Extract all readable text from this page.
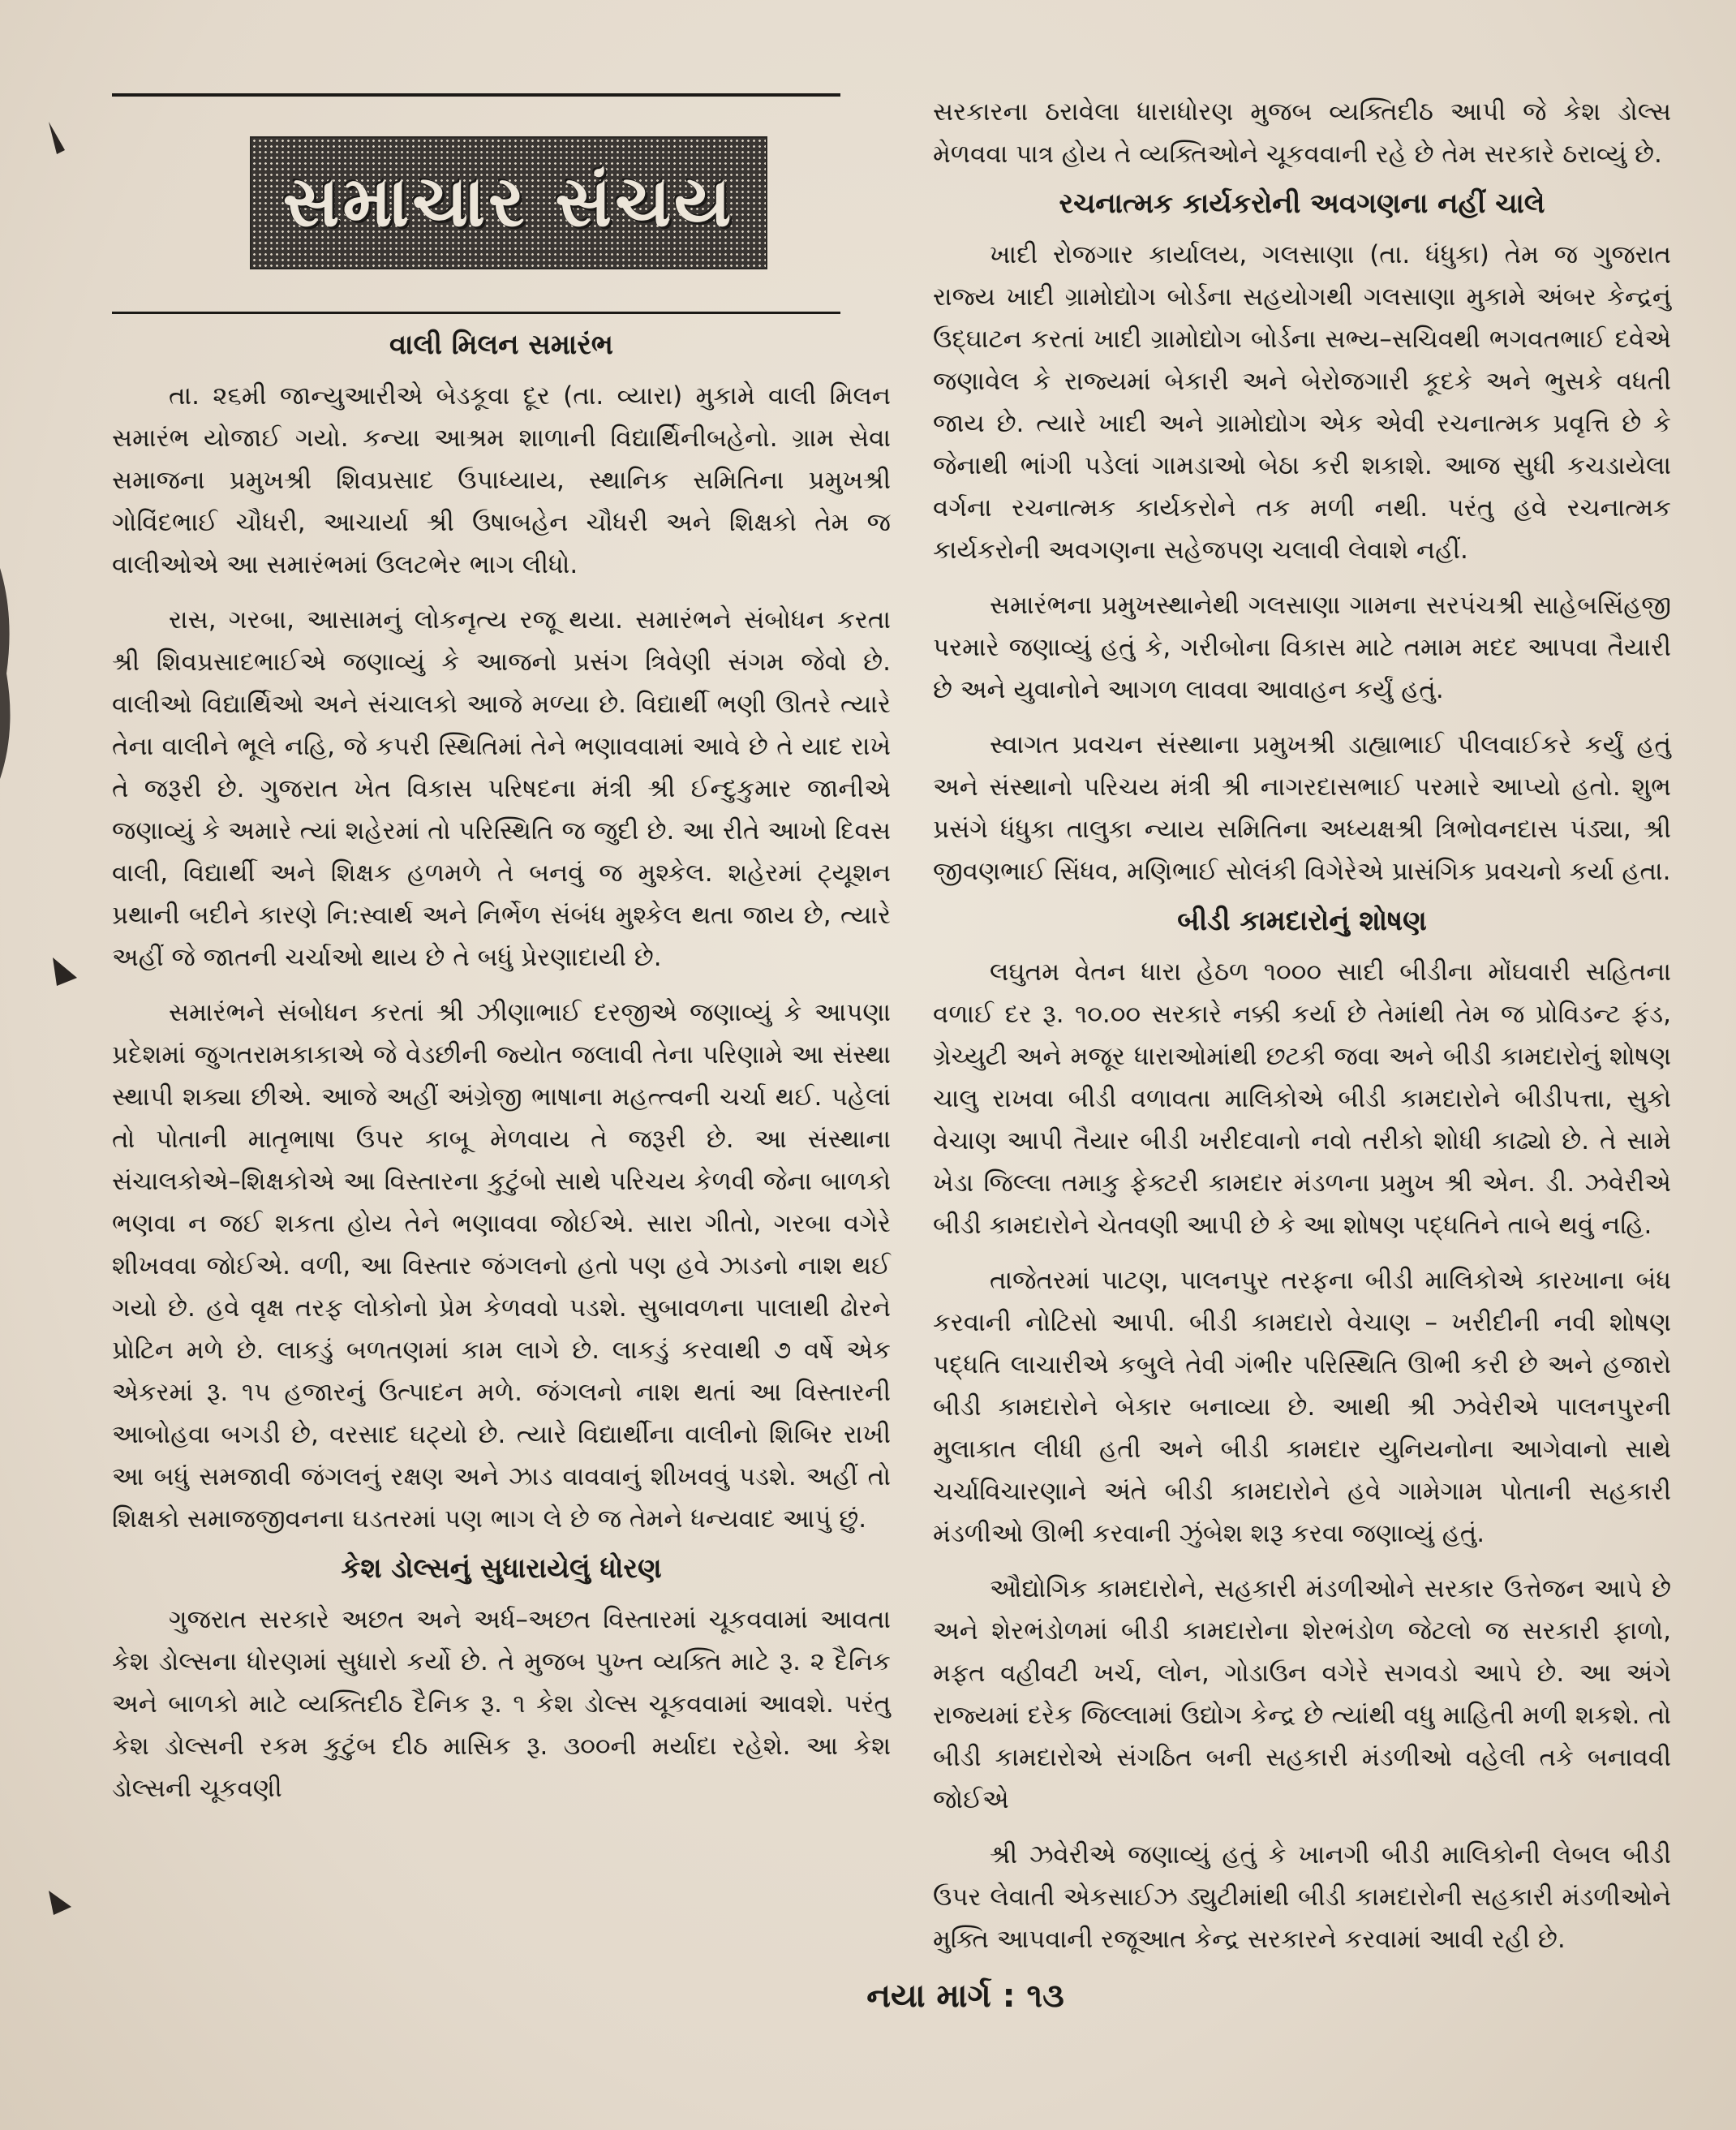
સમાચાર સંચય
વાલી મિલન સમારંભ

તા. ૨૬મી જાન્યુઆરીએ બેડકૂવા દૂર (તા. વ્યારા) મુકામે વાલી મિલન સમારંભ યોજાઈ ગયો. કન્યા આશ્રમ શાળાની વિદ્યાર્થિનીબહેનો. ગ્રામ સેવા સમાજના પ્રમુખશ્રી શિવપ્રસાદ ઉપાધ્યાય, સ્થાનિક સમિતિના પ્રમુખશ્રી ગોવિંદભાઈ ચૌધરી, આચાર્યા શ્રી ઉષાબહેન ચૌધરી અને શિક્ષકો તેમ જ વાલીઓએ આ સમારંભમાં ઉલટભેર ભાગ લીધો.

રાસ, ગરબા, આસામનું લોકનૃત્ય રજૂ થયા. સમારંભને સંબોધન કરતા શ્રી શિવપ્રસાદભાઈએ જણાવ્યું કે આજનો પ્રસંગ ત્રિવેણી સંગમ જેવો છે. વાલીઓ વિદ્યાર્થિઓ અને સંચાલકો આજે મળ્યા છે. વિદ્યાર્થી ભણી ઊતરે ત્યારે તેના વાલીને ભૂલે નહિ, જે કપરી સ્થિતિમાં તેને ભણાવવામાં આવે છે તે યાદ રાખે તે જરૂરી છે. ગુજરાત ખેત વિકાસ પરિષદના મંત્રી શ્રી ઈન્દુકુમાર જાનીએ જણાવ્યું કે અમારે ત્યાં શહેરમાં તો પરિસ્થિતિ જ જુદી છે. આ રીતે આખો દિવસ વાલી, વિદ્યાર્થી અને શિક્ષક હળમળે તે બનવું જ મુશ્કેલ. શહેરમાં ટ્યૂશન પ્રથાની બદીને કારણે નિ:સ્વાર્થ અને નિર્ભેળ સંબંધ મુશ્કેલ થતા જાય છે, ત્યારે અહીં જે જાતની ચર્ચાઓ થાય છે તે બધું પ્રેરણાદાયી છે.

સમારંભને સંબોધન કરતાં શ્રી ઝીણાભાઈ દરજીએ જણાવ્યું કે આપણા પ્રદેશમાં જુગતરામકાકાએ જે વેડછીની જ્યોત જલાવી તેના પરિણામે આ સંસ્થા સ્થાપી શક્યા છીએ. આજે અહીં અંગ્રેજી ભાષાના મહત્ત્વની ચર્ચા થઈ. પહેલાં તો પોતાની માતૃભાષા ઉપર કાબૂ મેળવાય તે જરૂરી છે. આ સંસ્થાના સંચાલકોએ–શિક્ષકોએ આ વિસ્તારના કુટુંબો સાથે પરિચય કેળવી જેના બાળકો ભણવા ન જઈ શકતા હોય તેને ભણાવવા જોઈએ. સારા ગીતો, ગરબા વગેરે શીખવવા જોઈએ. વળી, આ વિસ્તાર જંગલનો હતો પણ હવે ઝાડનો નાશ થઈ ગયો છે. હવે વૃક્ષ તરફ લોકોનો પ્રેમ કેળવવો પડશે. સુબાવળના પાલાથી ઢોરને પ્રોટિન મળે છે. લાકડું બળતણમાં કામ લાગે છે. લાકડું કરવાથી ૭ વર્ષે એક એકરમાં રૂ. ૧૫ હજારનું ઉત્પાદન મળે. જંગલનો નાશ થતાં આ વિસ્તારની આબોહવા બગડી છે, વરસાદ ઘટ્યો છે. ત્યારે વિદ્યાર્થીના વાલીનો શિબિર રાખી આ બધું સમજાવી જંગલનું રક્ષણ અને ઝાડ વાવવાનું શીખવવું પડશે. અહીં તો શિક્ષકો સમાજજીવનના ઘડતરમાં પણ ભાગ લે છે જ તેમને ધન્યવાદ આપું છું.

કેશ ડોલ્સનું સુધારાયેલું ધોરણ

ગુજરાત સરકારે અછત અને અર્ધ–અછત વિસ્તારમાં ચૂકવવામાં આવતા કેશ ડોલ્સના ધોરણમાં સુધારો કર્યો છે. તે મુજબ પુખ્ત વ્યક્તિ માટે રૂ. ૨ દૈનિક અને બાળકો માટે વ્યક્તિદીઠ દૈનિક રૂ. ૧ કેશ ડોલ્સ ચૂકવવામાં આવશે. પરંતુ કેશ ડોલ્સની રકમ કુટુંબ દીઠ માસિક રૂ. ૩૦૦ની મર્યાદા રહેશે. આ કેશ ડોલ્સની ચૂકવણી

સરકારના ઠરાવેલા ધારાધોરણ મુજબ વ્યક્તિદીઠ આપી જે કેશ ડોલ્સ મેળવવા પાત્ર હોય તે વ્યક્તિઓને ચૂકવવાની રહે છે તેમ સરકારે ઠરાવ્યું છે.

રચનાત્મક કાર્યકરોની અવગણના નહીં ચાલે

ખાદી રોજગાર કાર્યાલય, ગલસાણા (તા. ધંધુકા) તેમ જ ગુજરાત રાજ્ય ખાદી ગ્રામોદ્યોગ બોર્ડના સહયોગથી ગલસાણા મુકામે અંબર કેન્દ્રનું ઉદ્ઘાટન કરતાં ખાદી ગ્રામોદ્યોગ બોર્ડના સભ્ય–સચિવથી ભગવતભાઈ દવેએ જણાવેલ કે રાજ્યમાં બેકારી અને બેરોજગારી કૂદકે અને ભુસકે વધતી જાય છે. ત્યારે ખાદી અને ગ્રામોદ્યોગ એક એવી રચનાત્મક પ્રવૃત્તિ છે કે જેનાથી ભાંગી પડેલાં ગામડાઓ બેઠા કરી શકાશે. આજ સુધી કચડાયેલા વર્ગના રચનાત્મક કાર્યકરોને તક મળી નથી. પરંતુ હવે રચનાત્મક કાર્યકરોની અવગણના સહેજપણ ચલાવી લેવાશે નહીં.

સમારંભના પ્રમુખસ્થાનેથી ગલસાણા ગામના સરપંચશ્રી સાહેબસિંહજી પરમારે જણાવ્યું હતું કે, ગરીબોના વિકાસ માટે તમામ મદદ આપવા તૈયારી છે અને યુવાનોને આગળ લાવવા આવાહન કર્યું હતું.

સ્વાગત પ્રવચન સંસ્થાના પ્રમુખશ્રી ડાહ્યાભાઈ પીલવાઈકરે કર્યું હતું અને સંસ્થાનો પરિચય મંત્રી શ્રી નાગરદાસભાઈ પરમારે આપ્યો હતો. શુભ પ્રસંગે ધંધુકા તાલુકા ન્યાય સમિતિના અધ્યક્ષશ્રી ત્રિભોવનદાસ પંડ્યા, શ્રી જીવણભાઈ સિંધવ, મણિભાઈ સોલંકી વિગેરેએ પ્રાસંગિક પ્રવચનો કર્યા હતા.

બીડી કામદારોનું શોષણ

લઘુતમ વેતન ધારા હેઠળ ૧૦૦૦ સાદી બીડીના મોંઘવારી સહિતના વળાઈ દર રૂ. ૧૦.૦૦ સરકારે નક્કી કર્યા છે તેમાંથી તેમ જ પ્રોવિડન્ટ ફંડ, ગ્રેચ્યુટી અને મજૂર ધારાઓમાંથી છટકી જવા અને બીડી કામદારોનું શોષણ ચાલુ રાખવા બીડી વળાવતા માલિકોએ બીડી કામદારોને બીડીપત્તા, સુકો વેચાણ આપી તૈયાર બીડી ખરીદવાનો નવો તરીકો શોધી કાઢ્યો છે. તે સામે ખેડા જિલ્લા તમાકુ ફેક્ટરી કામદાર મંડળના પ્રમુખ શ્રી એન. ડી. ઝવેરીએ બીડી કામદારોને ચેતવણી આપી છે કે આ શોષણ પદ્ધતિને તાબે થવું નહિ.

તાજેતરમાં પાટણ, પાલનપુર તરફના બીડી માલિકોએ કારખાના બંધ કરવાની નોટિસો આપી. બીડી કામદારો વેચાણ – ખરીદીની નવી શોષણ પદ્ધતિ લાચારીએ કબુલે તેવી ગંભીર પરિસ્થિતિ ઊભી કરી છે અને હજારો બીડી કામદારોને બેકાર બનાવ્યા છે. આથી શ્રી ઝવેરીએ પાલનપુરની મુલાકાત લીધી હતી અને બીડી કામદાર યુનિયનોના આગેવાનો સાથે ચર્ચાવિચારણાને અંતે બીડી કામદારોને હવે ગામેગામ પોતાની સહકારી મંડળીઓ ઊભી કરવાની ઝુંબેશ શરૂ કરવા જણાવ્યું હતું.

ઔદ્યોગિક કામદારોને, સહકારી મંડળીઓને સરકાર ઉત્તેજન આપે છે અને શેરભંડોળમાં બીડી કામદારોના શેરભંડોળ જેટલો જ સરકારી ફાળો, મફત વહીવટી ખર્ચ, લોન, ગોડાઉન વગેરે સગવડો આપે છે. આ અંગે રાજ્યમાં દરેક જિલ્લામાં ઉદ્યોગ કેન્દ્ર છે ત્યાંથી વધુ માહિતી મળી શકશે. તો બીડી કામદારોએ સંગઠિત બની સહકારી મંડળીઓ વહેલી તકે બનાવવી જોઈએ

શ્રી ઝવેરીએ જણાવ્યું હતું કે ખાનગી બીડી માલિકોની લેબલ બીડી ઉપર લેવાતી એકસાઈઝ ડ્યુટીમાંથી બીડી કામદારોની સહકારી મંડળીઓને મુક્તિ આપવાની રજૂઆત કેન્દ્ર સરકારને કરવામાં આવી રહી છે.

નયા માર્ગ : ૧૩
